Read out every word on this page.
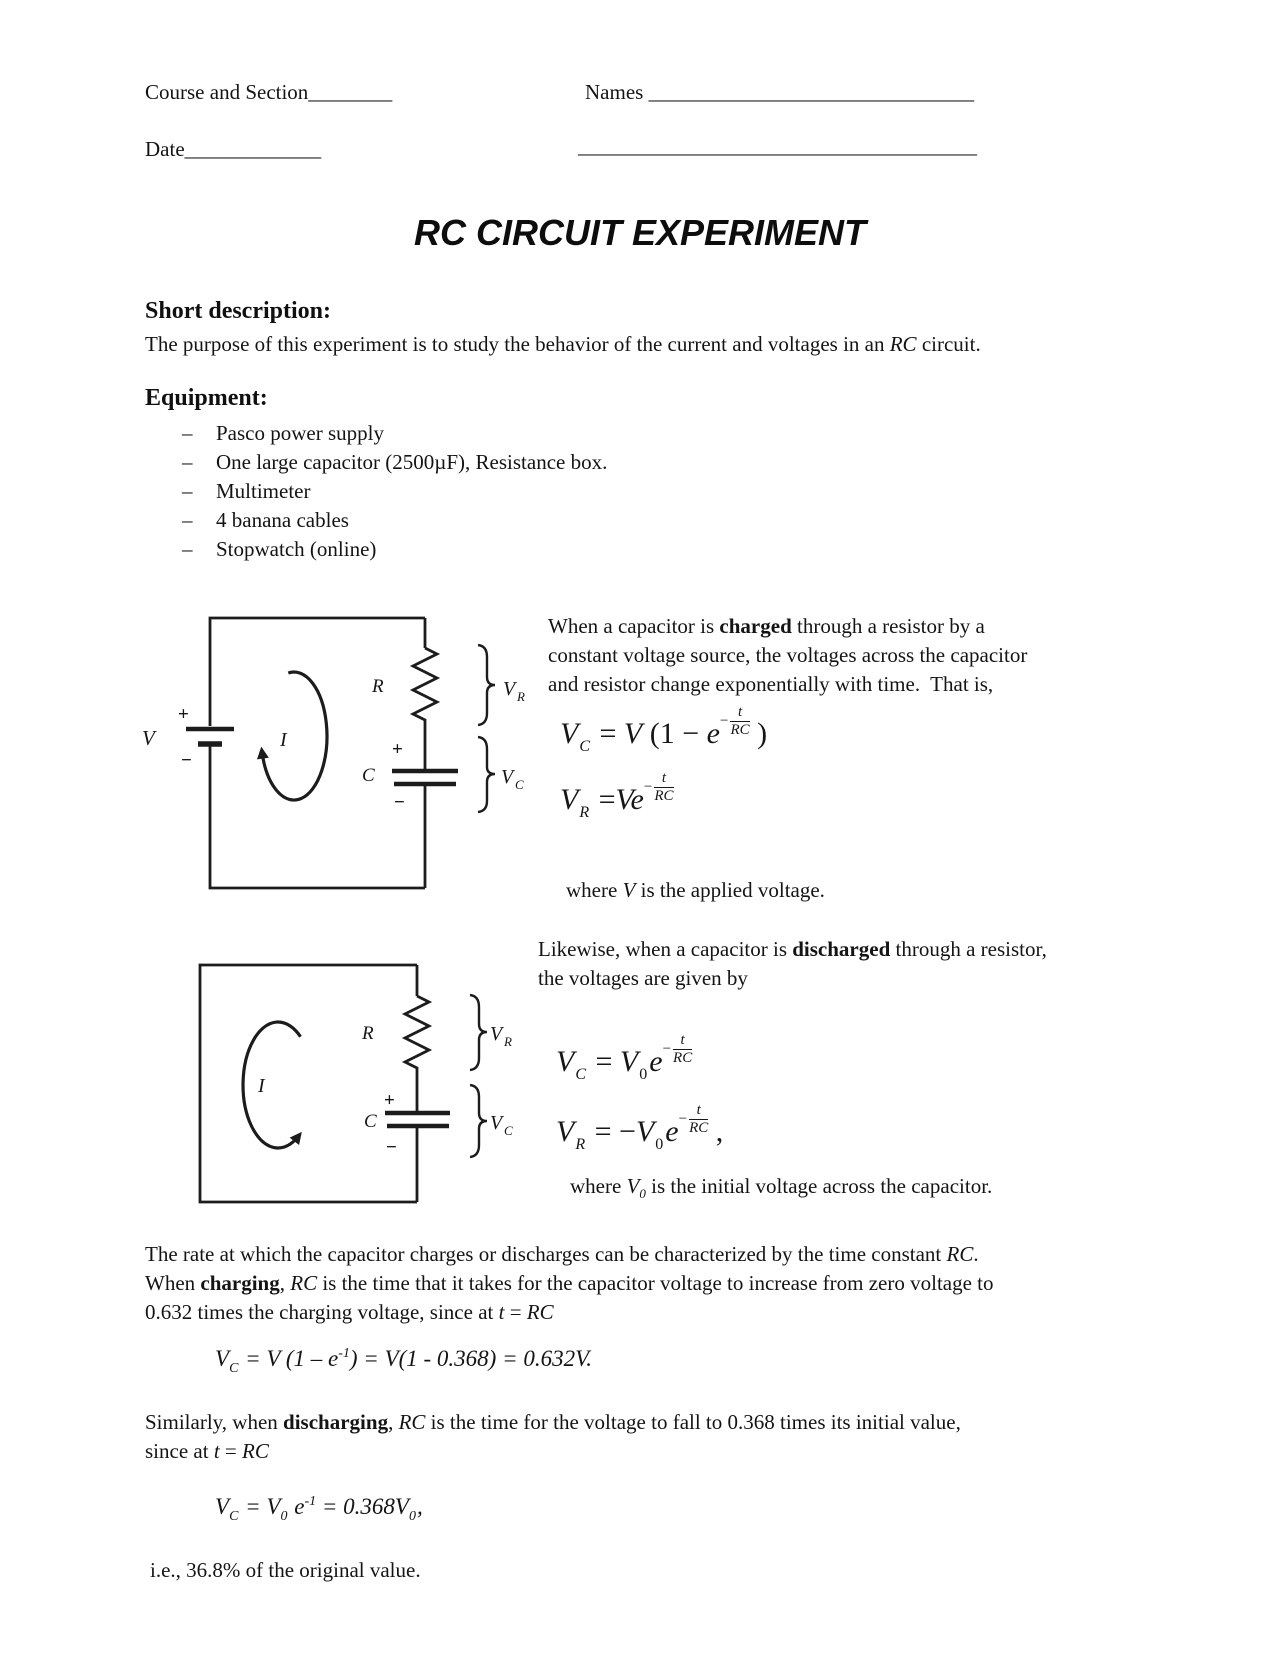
Course and Section________	Names _______________________________
Date_____________	______________________________________
RC CIRCUIT EXPERIMENT
Short description:
The purpose of this experiment is to study the behavior of the current and voltages in an RC circuit.
Equipment:
–	Pasco power supply
–	One large capacitor (2500µF), Resistance box.
–	Multimeter
–	4 banana cables
–	Stopwatch (online)
V
+
−
I
R
C
+
−
V R
V C
When a capacitor is charged through a resistor by a
constant voltage source, the voltages across the capacitor
and resistor change exponentially with time.  That is,
$V_C = V$ ($1 - e - \frac{t}{RC}$ )
$V_R =Ve - \frac{t}{RC}$
where V is the applied voltage.
Likewise, when a capacitor is discharged through a resistor,
the voltages are given by
I
R
C
+
−
V R
V C
$V_C = V_0e - \frac{t}{RC}$
$V_R = -V_0e - \frac{t}{RC}$ ,
where $V_0$ is the initial voltage across the capacitor.
The rate at which the capacitor charges or discharges can be characterized by the time constant RC.
When charging, RC is the time that it takes for the capacitor voltage to increase from zero voltage to
0.632 times the charging voltage, since at t = RC
$V_C = V$ $(1 - e^{-1}) = V(1 - 0.368) = 0.632V$.
Similarly, when discharging, RC is the time for the voltage to fall to 0.368 times its initial value,
since at t = RC
$V_C = V_0$ $e^{-1} = 0.368V_0$,
i.e., 36.8% of the original value.
